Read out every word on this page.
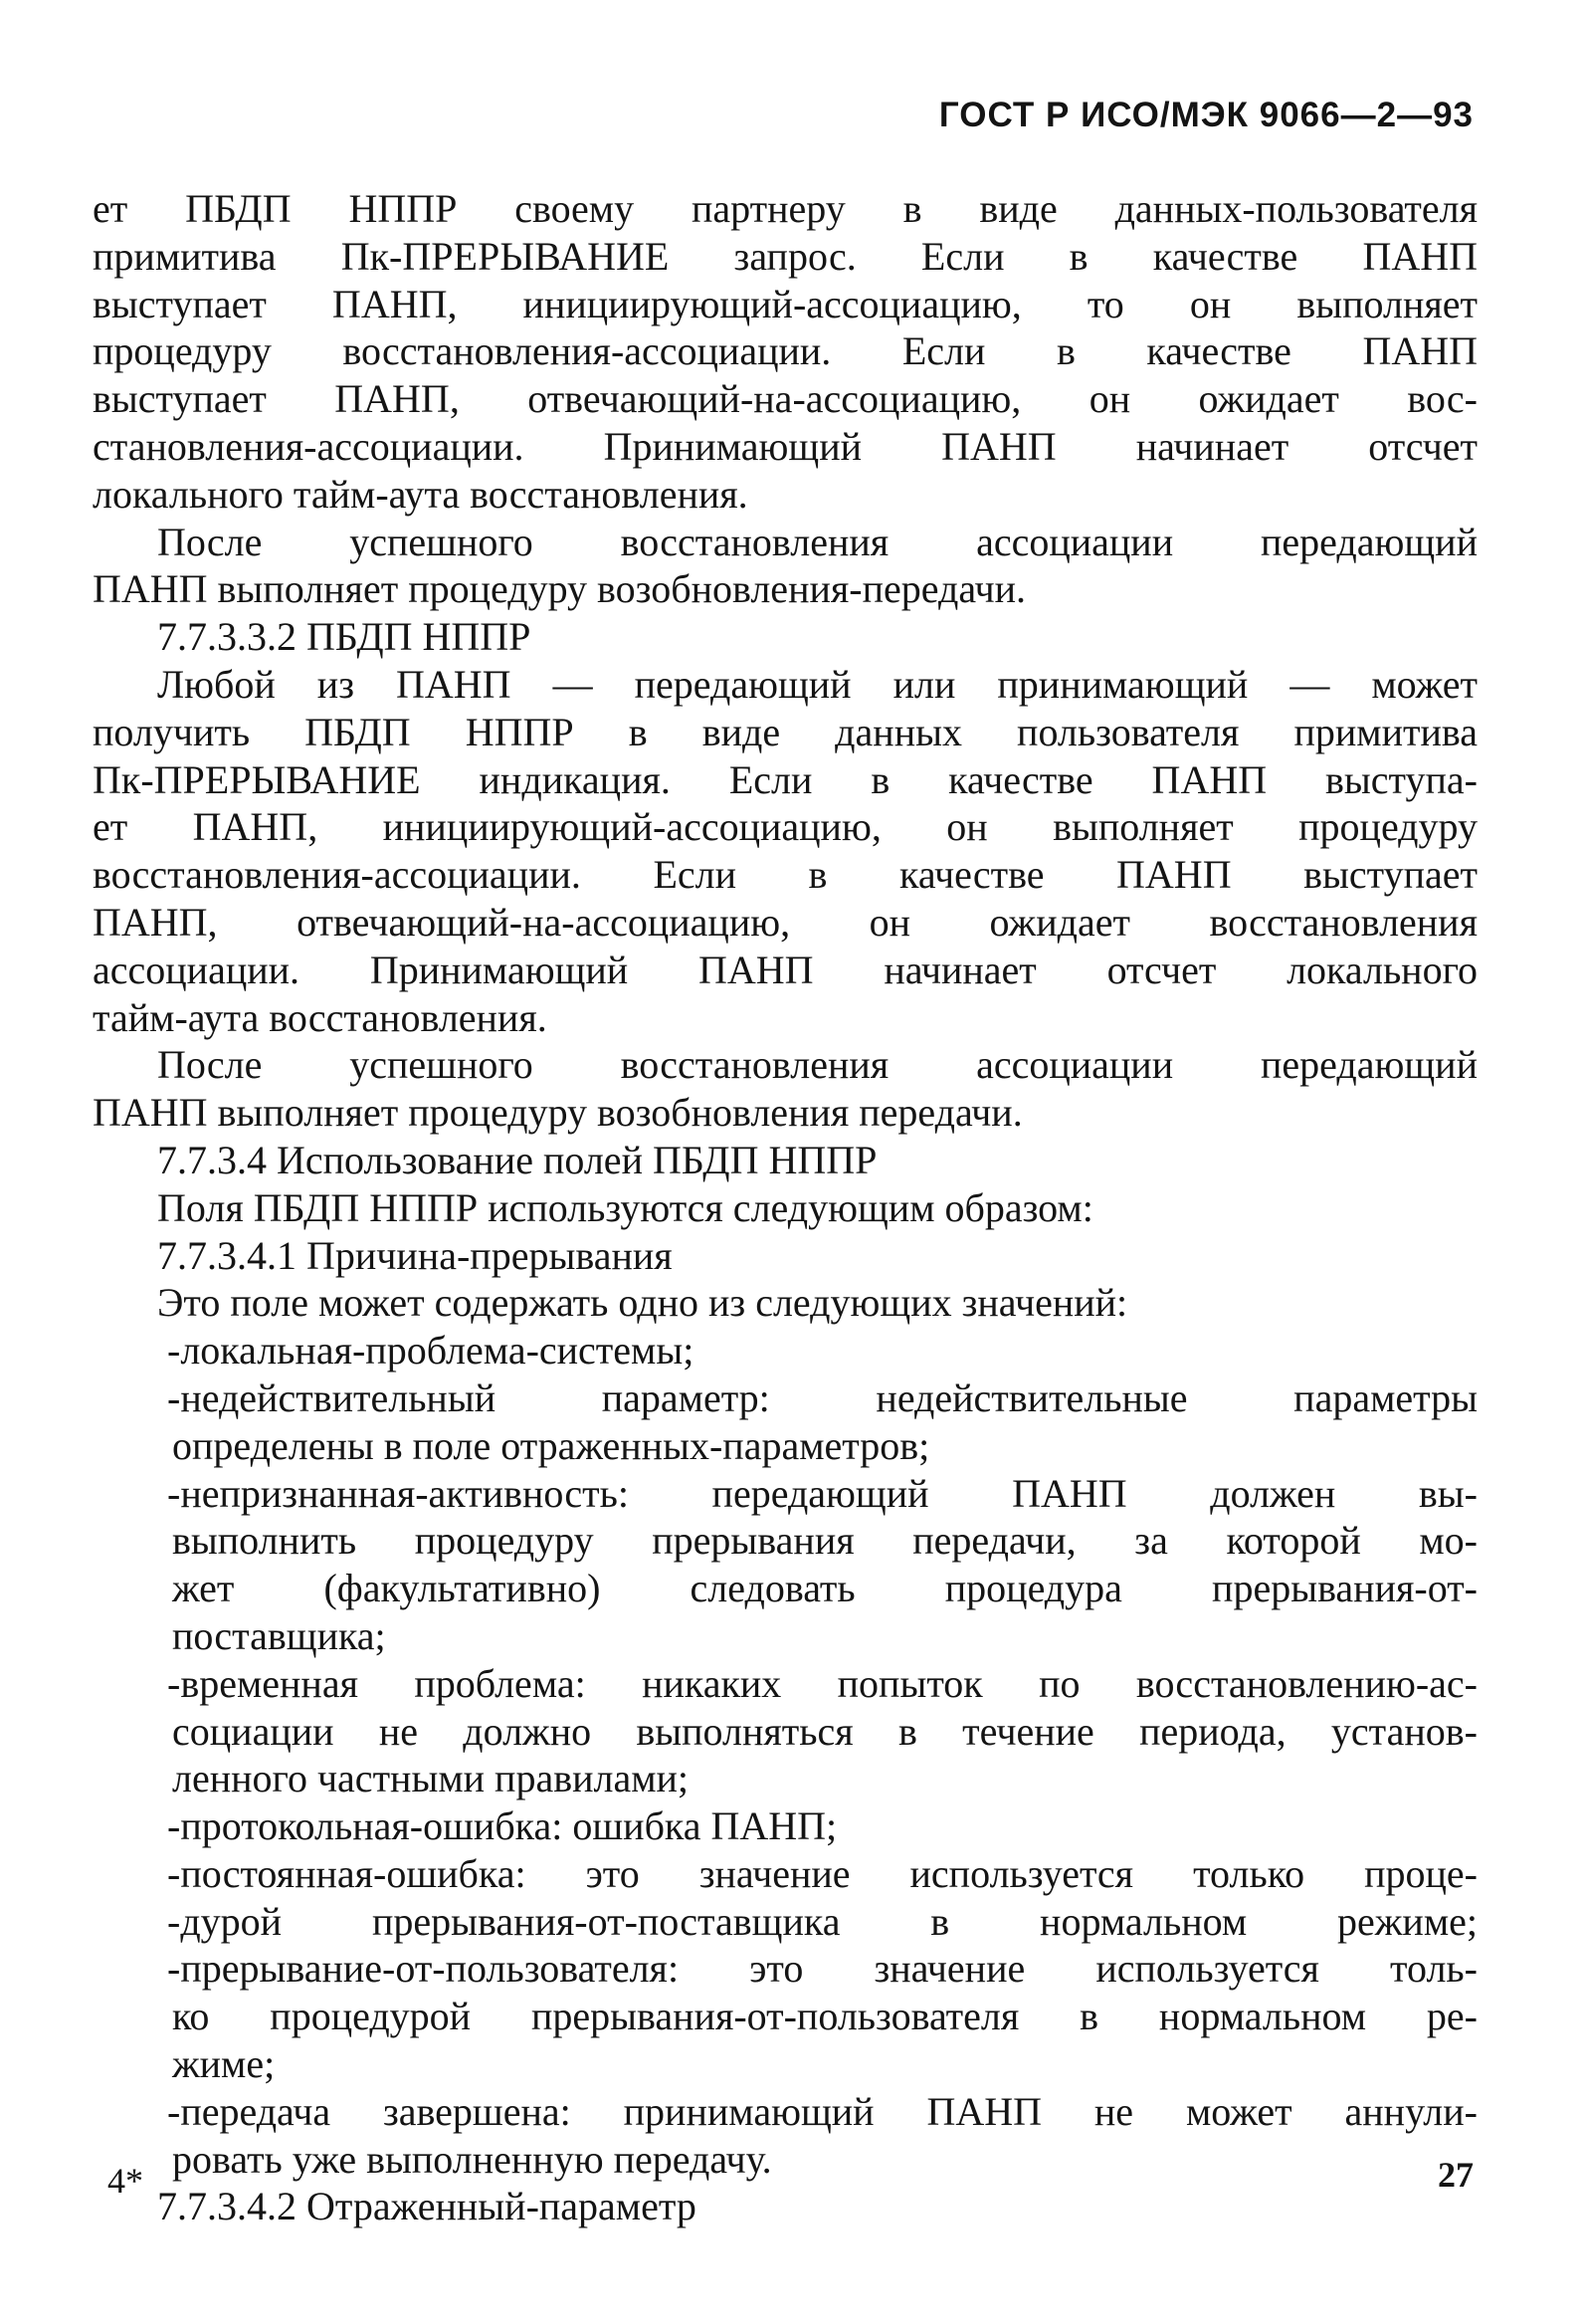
ГОСТ Р ИСО/МЭК 9066—2—93
ет ПБДП НППР своему партнеру в виде данных-пользователя
примитива Пк-ПРЕРЫВАНИЕ запрос. Если в качестве ПАНП
выступает ПАНП, инициирующий-ассоциацию, то он выполняет
процедуру восстановления-ассоциации. Если в качестве ПАНП
выступает ПАНП, отвечающий-на-ассоциацию, он ожидает вос-
становления-ассоциации. Принимающий ПАНП начинает отсчет
локального тайм-аута восстановления.
После успешного восстановления ассоциации передающий
ПАНП выполняет процедуру возобновления-передачи.
7.7.3.3.2 ПБДП НППР
Любой из ПАНП — передающий или принимающий — может
получить ПБДП НППР в виде данных пользователя примитива
Пк-ПРЕРЫВАНИЕ индикация. Если в качестве ПАНП выступа-
ет ПАНП, инициирующий-ассоциацию, он выполняет процедуру
восстановления-ассоциации. Если в качестве ПАНП выступает
ПАНП, отвечающий-на-ассоциацию, он ожидает восстановления
ассоциации. Принимающий ПАНП начинает отсчет локального
тайм-аута восстановления.
После успешного восстановления ассоциации передающий
ПАНП выполняет процедуру возобновления передачи.
7.7.3.4 Использование полей ПБДП НППР
Поля ПБДП НППР используются следующим образом:
7.7.3.4.1 Причина-прерывания
Это поле может содержать одно из следующих значений:
-локальная-проблема-системы;
-недействительный параметр: недействительные параметры
определены в поле отраженных-параметров;
-непризнанная-активность: передающий ПАНП должен вы-
выполнить процедуру прерывания передачи, за которой мо-
жет (факультативно) следовать процедура прерывания-от-
поставщика;
-временная проблема: никаких попыток по восстановлению-ас-
социации не должно выполняться в течение периода, установ-
ленного частными правилами;
-протокольная-ошибка: ошибка ПАНП;
-постоянная-ошибка: это значение используется только проце-
-дурой прерывания-от-поставщика в нормальном режиме;
-прерывание-от-пользователя: это значение используется толь-
ко процедурой прерывания-от-пользователя в нормальном ре-
жиме;
-передача завершена: принимающий ПАНП не может аннули-
ровать уже выполненную передачу.
7.7.3.4.2 Отраженный-параметр
4*	27
